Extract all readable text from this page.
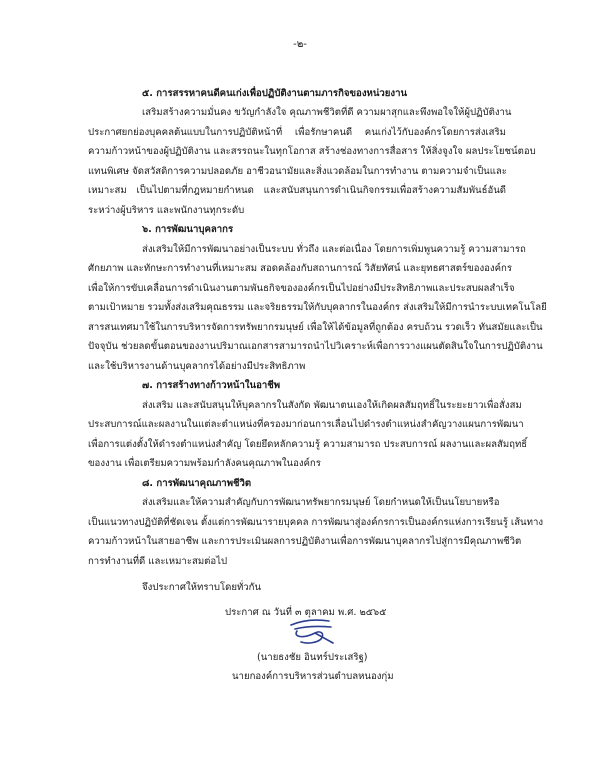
-๒-
๕. การสรรหาคนดีคนเก่งเพื่อปฏิบัติงานตามภารกิจของหน่วยงาน
เสริมสร้างความมั่นคง ขวัญกำลังใจ คุณภาพชีวิตที่ดี ความผาสุกและพึงพอใจให้ผู้ปฏิบัติงาน
ประกาศยกย่องบุคคลต้นแบบในการปฏิบัติหน้าที่ เพื่อรักษาคนดี คนเก่งไว้กับองค์กรโดยการส่งเสริม
ความก้าวหน้าของผู้ปฏิบัติงาน และสรรถนะในทุกโอกาส สร้างช่องทางการสื่อสาร ให้สิ่งจูงใจ ผลประโยชน์ตอบ
แทนพิเศษ จัดสวัสดิการความปลอดภัย อาชีวอนามัยและสิ่งแวดล้อมในการทำงาน ตามความจำเป็นและ
เหมาะสม เป็นไปตามที่กฎหมายกำหนด และสนับสนุนการดำเนินกิจกรรมเพื่อสร้างความสัมพันธ์อันดี
ระหว่างผู้บริหาร และพนักงานทุกระดับ
๖. การพัฒนาบุคลากร
ส่งเสริมให้มีการพัฒนาอย่างเป็นระบบ ทั่วถึง และต่อเนื่อง โดยการเพิ่มพูนความรู้ ความสามารถ
ศักยภาพ และทักษะการทำงานที่เหมาะสม สอดคล้องกับสถานการณ์ วิสัยทัศน์ และยุทธศาสตร์ขององค์กร
เพื่อให้การขับเคลื่อนการดำเนินงานตามพันธกิจขององค์กรเป็นไปอย่างมีประสิทธิภาพและประสบผลสำเร็จ
ตามเป้าหมาย รวมทั้งส่งเสริมคุณธรรม และจริยธรรมให้กับบุคลากรในองค์กร ส่งเสริมให้มีการนำระบบเทคโนโลยี
สารสนเทศมาใช้ในการบริหารจัดการทรัพยากรมนุษย์ เพื่อให้ได้ข้อมูลที่ถูกต้อง ครบถ้วน รวดเร็ว ทันสมัยและเป็น
ปัจจุบัน ช่วยลดขั้นตอนของงานปริมาณเอกสารสามารถนำไปวิเคราะห์เพื่อการวางแผนตัดสินใจในการปฏิบัติงาน
และใช้บริหารงานด้านบุคลากรได้อย่างมีประสิทธิภาพ
๗. การสร้างทางก้าวหน้าในอาชีพ
ส่งเสริม และสนับสนุนให้บุคลากรในสังกัด พัฒนาตนเองให้เกิดผลสัมฤทธิ์ในระยะยาวเพื่อสั่งสม
ประสบการณ์และผลงานในแต่ละตำแหน่งที่ครองมาก่อนการเลื่อนไปดำรงตำแหน่งสำคัญวางแผนการพัฒนา
เพื่อการแต่งตั้งให้ดำรงตำแหน่งสำคัญ โดยยึดหลักความรู้ ความสามารถ ประสบการณ์ ผลงานและผลสัมฤทธิ์
ของงาน เพื่อเตรียมความพร้อมกำลังคนคุณภาพในองค์กร
๘. การพัฒนาคุณภาพชีวิต
ส่งเสริมและให้ความสำคัญกับการพัฒนาทรัพยากรมนุษย์ โดยกำหนดให้เป็นนโยบายหรือ
เป็นแนวทางปฏิบัติที่ชัดเจน ตั้งแต่การพัฒนารายบุคคล การพัฒนาสู่องค์กรการเป็นองค์กรแห่งการเรียนรู้ เส้นทาง
ความก้าวหน้าในสายอาชีพ และการประเมินผลการปฏิบัติงานเพื่อการพัฒนาบุคลากรไปสู่การมีคุณภาพชีวิต
การทำงานที่ดี และเหมาะสมต่อไป
จึงประกาศให้ทราบโดยทั่วกัน
ประกาศ ณ วันที่ ๓ ตุลาคม พ.ศ. ๒๕๖๕
(นายธงชัย อินทร์ประเสริฐ)
นายกองค์การบริหารส่วนตำบลหนองกุ่ม
